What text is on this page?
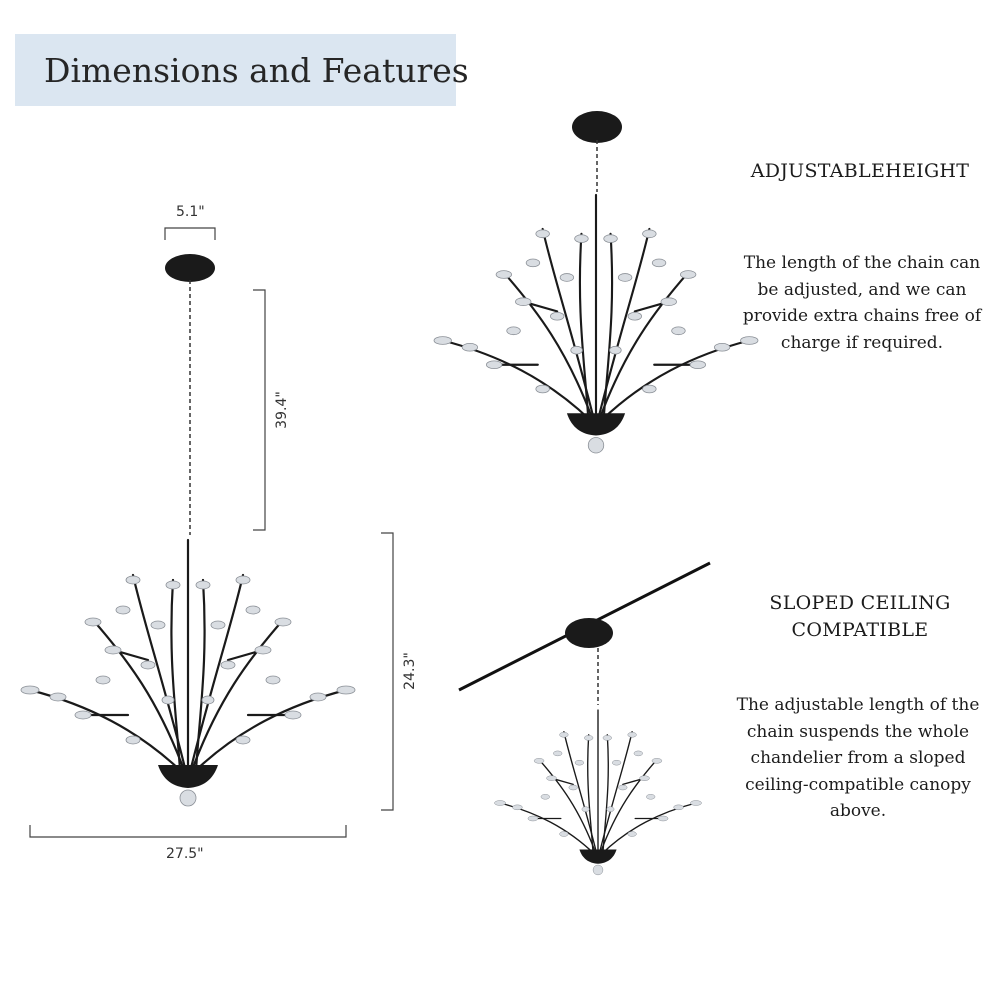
Dimensions and Features
5.1"
39.4"
24.3"
27.5"
ADJUSTABLEHEIGHT
The length of the chain can be adjusted, and we can provide extra chains free of charge if required.
SLOPED CEILING COMPATIBLE
The adjustable length of the chain suspends the whole chandelier from a sloped ceiling-compatible canopy above.
